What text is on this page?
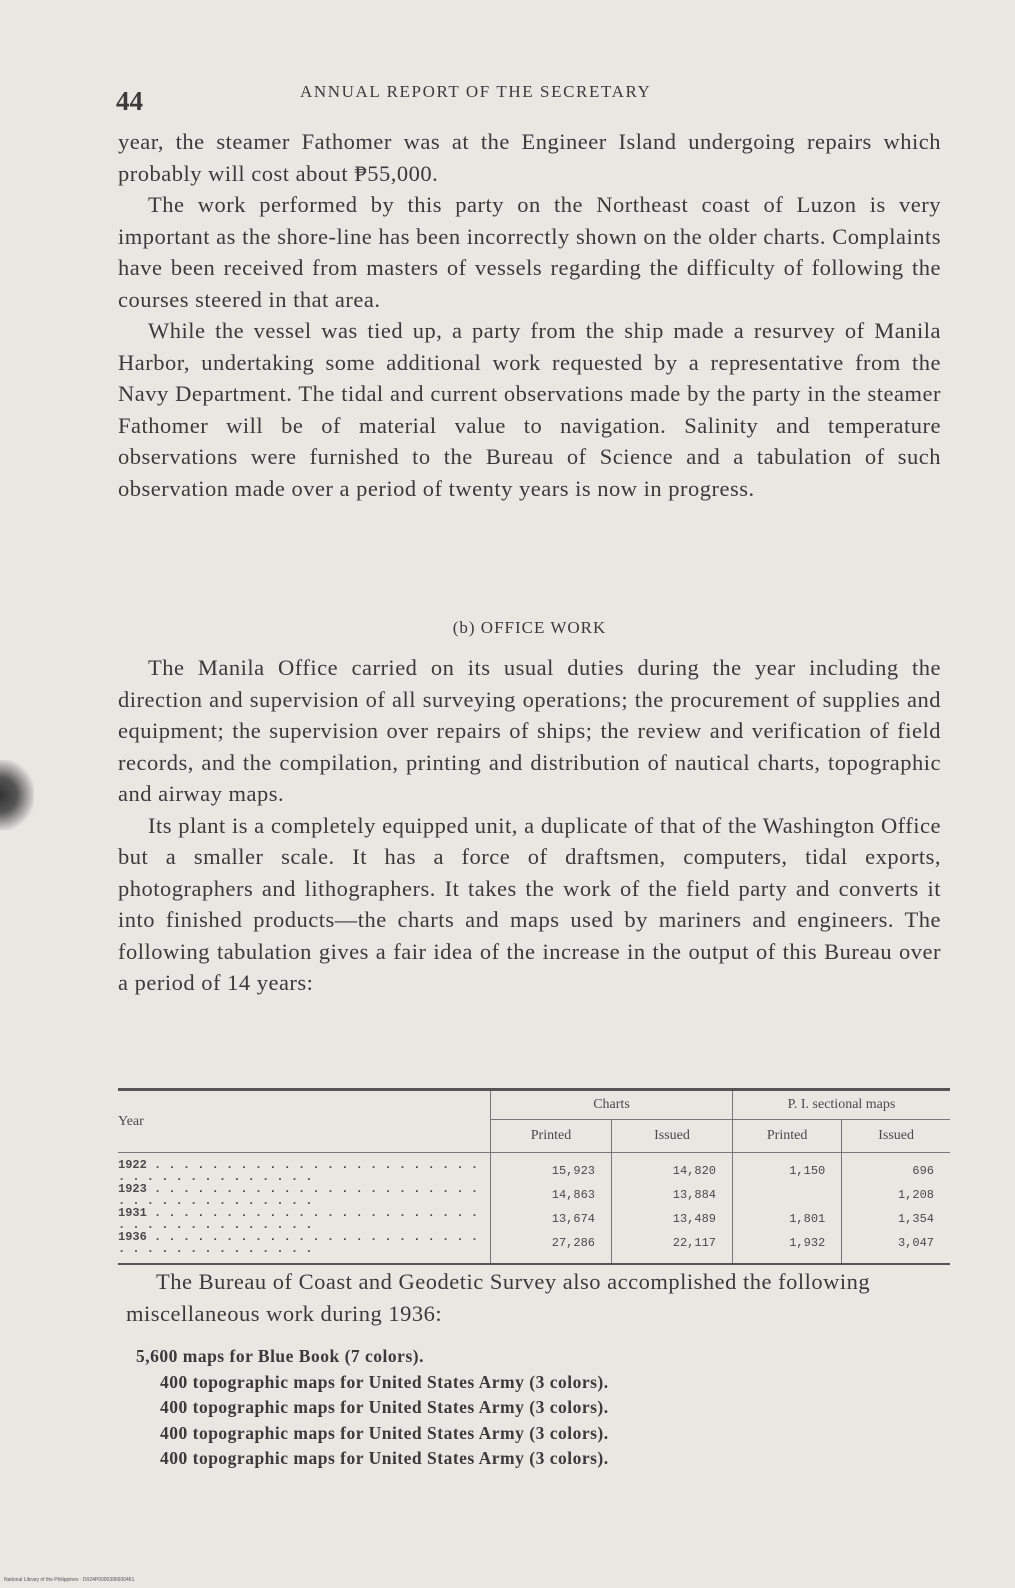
44	ANNUAL REPORT OF THE SECRETARY

year, the steamer Fathomer was at the Engineer Island undergoing repairs which probably will cost about ₱55,000.

The work performed by this party on the Northeast coast of Luzon is very important as the shore-line has been incorrectly shown on the older charts. Complaints have been received from masters of vessels regarding the difficulty of following the courses steered in that area.

While the vessel was tied up, a party from the ship made a resurvey of Manila Harbor, undertaking some additional work requested by a representative from the Navy Department. The tidal and current observations made by the party in the steamer Fathomer will be of material value to navigation. Salinity and temperature observations were furnished to the Bureau of Science and a tabulation of such observation made over a period of twenty years is now in progress.

(b) OFFICE WORK

The Manila Office carried on its usual duties during the year including the direction and supervision of all surveying operations; the procurement of supplies and equipment; the supervision over repairs of ships; the review and verification of field records, and the compilation, printing and distribution of nautical charts, topographic and airway maps.

Its plant is a completely equipped unit, a duplicate of that of the Washington Office but a smaller scale. It has a force of draftsmen, computers, tidal exports, photographers and lithographers. It takes the work of the field party and converts it into finished products—the charts and maps used by mariners and engineers. The following tabulation gives a fair idea of the increase in the output of this Bureau over a period of 14 years:

Year	Charts		P. I. sectional maps	
	Printed	Issued	Printed	Issued
1922 . . . . . . . . . . . . . . . . . . . . . . . . . . . . . . . . . . . . .	15,923	14,820	1,150	696
1923 . . . . . . . . . . . . . . . . . . . . . . . . . . . . . . . . . . . . .	14,863	13,884		1,208
1931 . . . . . . . . . . . . . . . . . . . . . . . . . . . . . . . . . . . . .	13,674	13,489	1,801	1,354
1936 . . . . . . . . . . . . . . . . . . . . . . . . . . . . . . . . . . . . .	27,286	22,117	1,932	3,047

The Bureau of Coast and Geodetic Survey also accomplished the following miscellaneous work during 1936:

5,600 maps for Blue Book (7 colors).
400 topographic maps for United States Army (3 colors).
400 topographic maps for United States Army (3 colors).
400 topographic maps for United States Army (3 colors).
400 topographic maps for United States Army (3 colors).
National Library of the Philippines · D024P0000396600461
